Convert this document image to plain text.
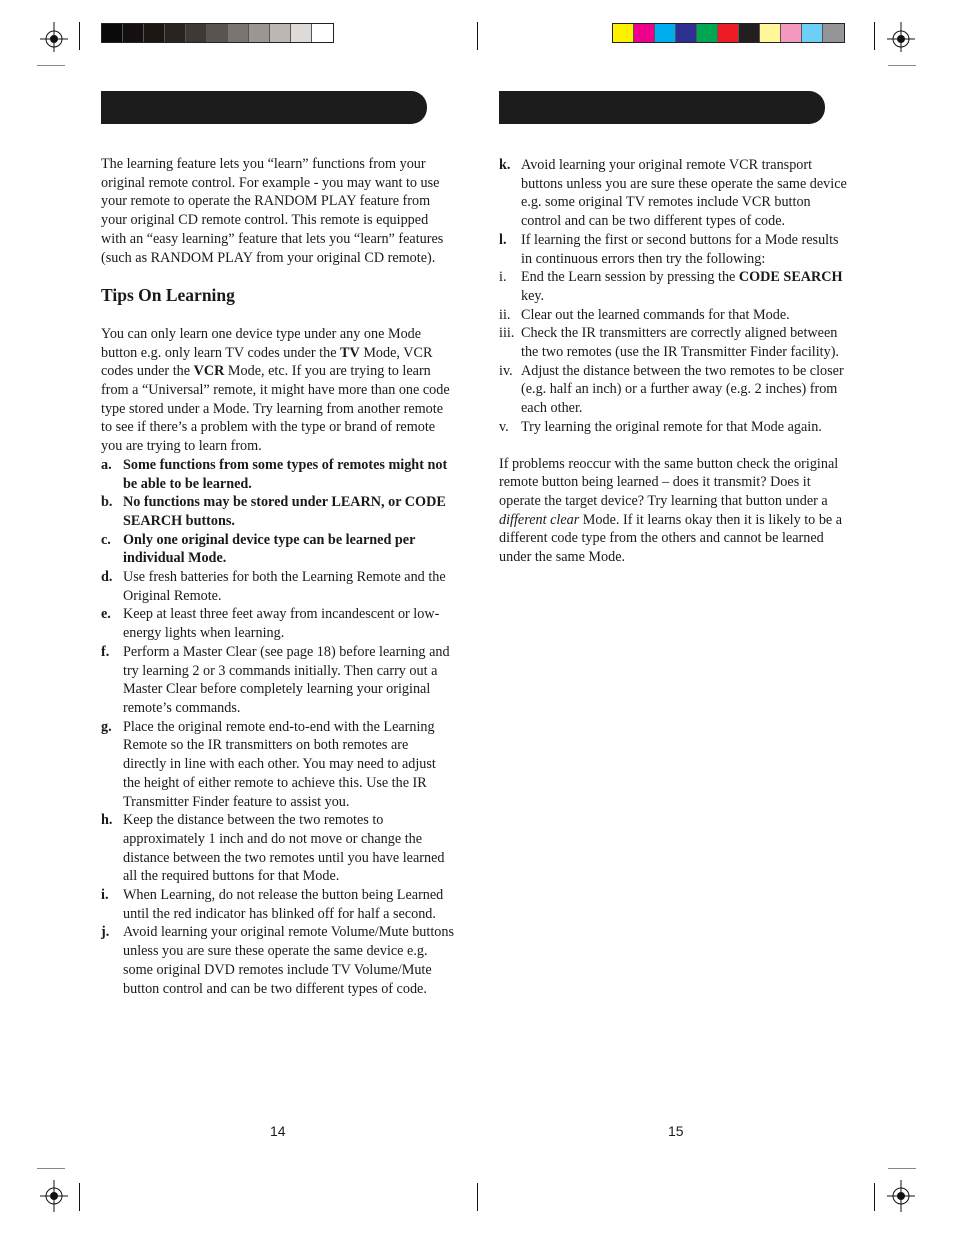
The learning feature lets you “learn” functions from your original remote control. For example - you may want to use your remote to operate the RANDOM PLAY feature from your original CD remote control. This remote is equipped with an “easy learning” feature that lets you “learn” features (such as RANDOM PLAY from your original CD remote).

Tips On Learning

You can only learn one device type under any one Mode button e.g. only learn TV codes under the TV Mode, VCR codes under the VCR Mode, etc. If you are trying to learn from a “Universal” remote, it might have more than one code type stored under a Mode. Try learning from another remote to see if there’s a problem with the type or brand of remote you are trying to learn from.

a. Some functions from some types of remotes might not be able to be learned.
b. No functions may be stored under LEARN, or CODE SEARCH buttons.
c. Only one original device type can be learned per individual Mode.
d. Use fresh batteries for both the Learning Remote and the Original Remote.
e. Keep at least three feet away from incandescent or low-energy lights when learning.
f. Perform a Master Clear (see page 18) before learning and try learning 2 or 3 commands initially. Then carry out a Master Clear before completely learning your original remote’s commands.
g. Place the original remote end-to-end with the Learning Remote so the IR transmitters on both remotes are directly in line with each other. You may need to adjust the height of either remote to achieve this. Use the IR Transmitter Finder feature to assist you.
h. Keep the distance between the two remotes to approximately 1 inch and do not move or change the distance between the two remotes until you have learned all the required buttons for that Mode.
i.	When Learning, do not release the button being Learned until the red indicator has blinked off for half a second.
j. Avoid learning your original remote Volume/Mute buttons unless you are sure these operate the same device e.g. some original DVD remotes include TV Volume/Mute button control and can be two different types of code.
k. Avoid learning your original remote VCR transport buttons unless you are sure these operate the same device e.g. some original TV remotes include VCR button control and can be two different types of code.
l.	If learning the first or second buttons for a Mode results in continuous errors then try the following:
i.	End the Learn session by pressing the CODE SEARCH key.
ii. Clear out the learned commands for that Mode.
iii. Check the IR transmitters are correctly aligned between the two remotes (use the IR Transmitter Finder facility).
iv. Adjust the distance between the two remotes to be closer (e.g. half an inch) or a further away (e.g. 2 inches) from each other.
v. Try learning the original remote for that Mode again.

If problems reoccur with the same button check the original remote button being learned – does it transmit? Does it operate the target device? Try learning that button under a different clear Mode. If it learns okay then it is likely to be a different code type from the others and cannot be learned under the same Mode.

14	15
